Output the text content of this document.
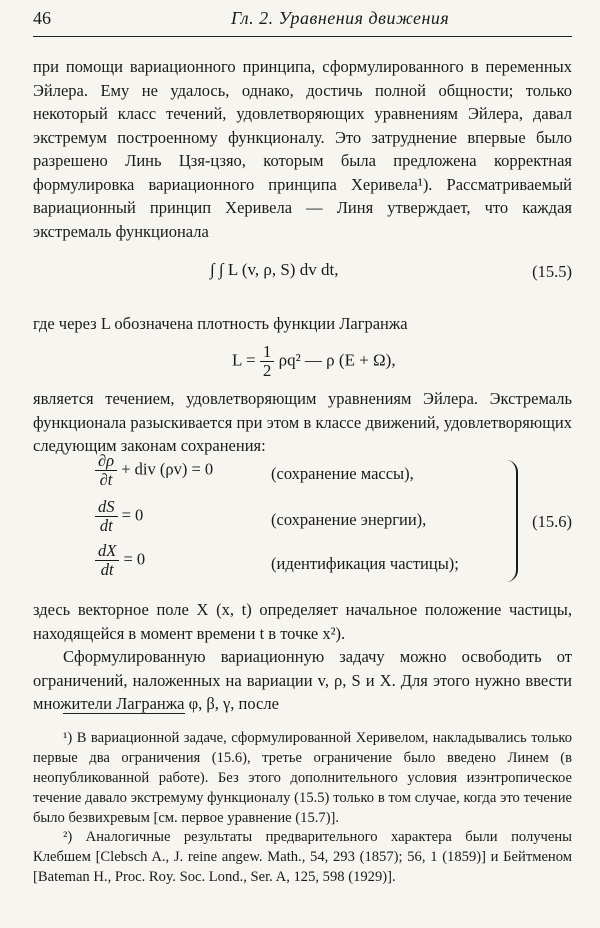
46	Гл. 2. Уравнения движения
при помощи вариационного принципа, сформулированного в переменных Эйлера. Ему не удалось, однако, достичь полной общности; только некоторый класс течений, удовлетворяющих уравнениям Эйлера, давал экстремум построенному функционалу. Это затруднение впервые было разрешено Линь Цзя-цзяо, которым была предложена корректная формулировка вариационного принципа Херивела¹). Рассматриваемый вариационный принцип Херивела — Линя утверждает, что каждая экстремаль функционала
∫ ∫ L (v, ρ, S) dv dt,	(15.5)
где через L обозначена плотность функции Лагранжа
$L = \frac{1}{2} \rho q^2$ — ρ (E + Ω),
является течением, удовлетворяющим уравнениям Эйлера. Экстремаль функционала разыскивается при этом в классе движений, удовлетворяющих следующим законам сохранения:
$\frac{\partial\rho}{\partial t}$ + div (ρv) = 0	(сохранение массы),
$\frac{dS}{dt} = 0$	(сохранение энергии),
$\frac{dX}{dt} = 0$	(идентификация частицы);
(15.6)
здесь векторное поле X (x, t) определяет начальное положение частицы, находящейся в момент времени t в точке x²).
Сформулированную вариационную задачу можно освободить от ограничений, наложенных на вариации v, ρ, S и X. Для этого нужно ввести множители Лагранжа φ, β, γ, после
¹) В вариационной задаче, сформулированной Херивелом, накладывались только первые два ограничения (15.6), третье ограничение было введено Линем (в неопубликованной работе). Без этого дополнительного условия изэнтропическое течение давало экстремуму функционалу (15.5) только в том случае, когда это течение было безвихревым [см. первое уравнение (15.7)].
²) Аналогичные результаты предварительного характера были получены Клебшем [Clebsch A., J. reine angew. Math., 54, 293 (1857); 56, 1 (1859)] и Бейтменом [Bateman H., Proc. Roy. Soc. Lond., Ser. A, 125, 598 (1929)].
